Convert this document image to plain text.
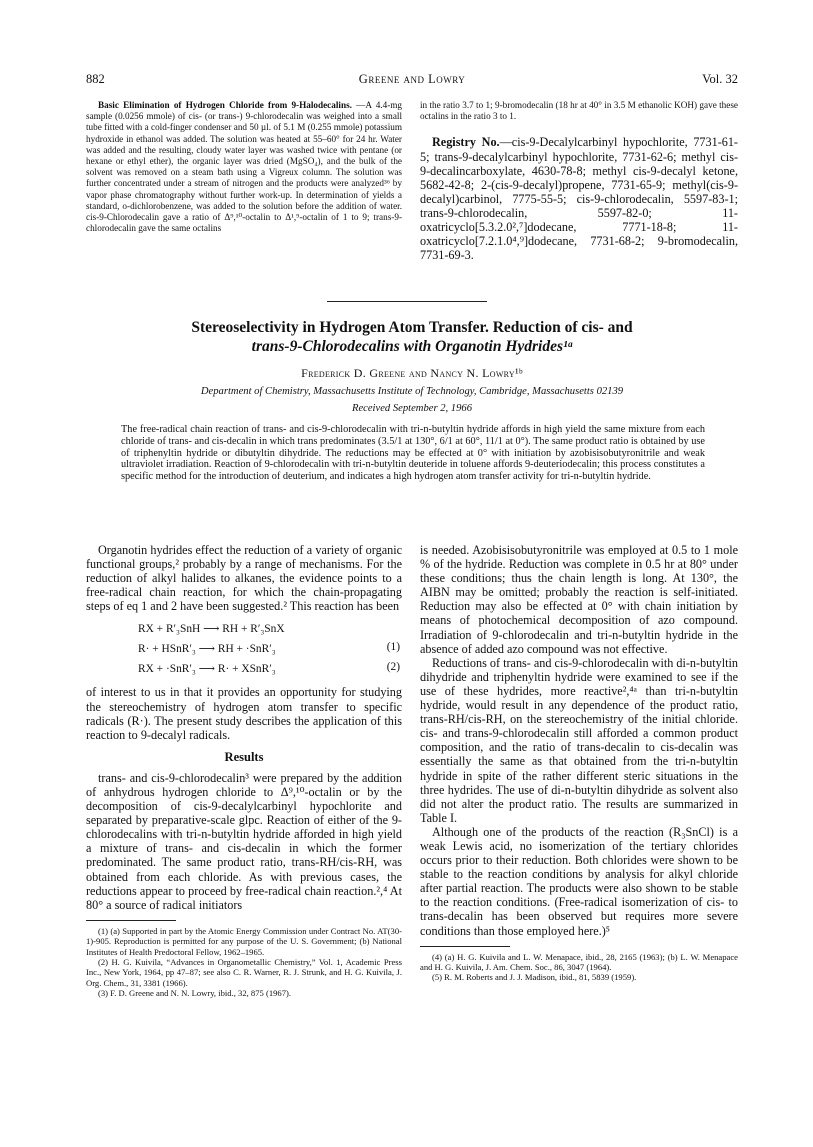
882	Greene and Lowry	Vol. 32

Basic Elimination of Hydrogen Chloride from 9-Halodecalins. —A 4.4-mg sample (0.0256 mmole) of cis- (or trans-) 9-chlorodecalin was weighed into a small tube fitted with a cold-finger condenser and 50 µl. of 5.1 M (0.255 mmole) potassium hydroxide in ethanol was added. The solution was heated at 55–60° for 24 hr. Water was added and the resulting, cloudy water layer was washed twice with pentane (or hexane or ethyl ether), the organic layer was dried (MgSO₄), and the bulk of the solvent was removed on a steam bath using a Vigreux column. The solution was further concentrated under a stream of nitrogen and the products were analyzed³⁶ by vapor phase chromatography without further work-up. In determination of yields a standard, o-dichlorobenzene, was added to the solution before the addition of water. cis-9-Chlorodecalin gave a ratio of Δ⁹,¹⁰-octalin to Δ¹,⁹-octalin of 1 to 9; trans-9-chlorodecalin gave the same octalins

in the ratio 3.7 to 1; 9-bromodecalin (18 hr at 40° in 3.5 M ethanolic KOH) gave these octalins in the ratio 3 to 1.

Registry No.—cis-9-Decalylcarbinyl hypochlorite, 7731-61-5; trans-9-decalylcarbinyl hypochlorite, 7731-62-6; methyl cis-9-decalincarboxylate, 4630-78-8; methyl cis-9-decalyl ketone, 5682-42-8; 2-(cis-9-decalyl)propene, 7731-65-9; methyl(cis-9-decalyl)carbinol, 7775-55-5; cis-9-chlorodecalin, 5597-83-1; trans-9-chlorodecalin, 5597-82-0; 11-oxatricyclo[5.3.2.0²,⁷]dodecane, 7771-18-8; 11-oxatricyclo[7.2.1.0⁴,⁹]dodecane, 7731-68-2; 9-bromodecalin, 7731-69-3.

Stereoselectivity in Hydrogen Atom Transfer. Reduction of cis- and
trans-9-Chlorodecalins with Organotin Hydrides¹ᵃ
Frederick D. Greene and Nancy N. Lowry¹ᵇ
Department of Chemistry, Massachusetts Institute of Technology, Cambridge, Massachusetts 02139
Received September 2, 1966
The free-radical chain reaction of trans- and cis-9-chlorodecalin with tri-n-butyltin hydride affords in high yield the same mixture from each chloride of trans- and cis-decalin in which trans predominates (3.5/1 at 130°, 6/1 at 60°, 11/1 at 0°). The same product ratio is obtained by use of triphenyltin hydride or dibutyltin dihydride. The reductions may be effected at 0° with initiation by azobisisobutyronitrile and weak ultraviolet irradiation. Reaction of 9-chlorodecalin with tri-n-butyltin deuteride in toluene affords 9-deuteriodecalin; this process constitutes a specific method for the introduction of deuterium, and indicates a high hydrogen atom transfer activity for tri-n-butyltin hydride.

Organotin hydrides effect the reduction of a variety of organic functional groups,² probably by a range of mechanisms. For the reduction of alkyl halides to alkanes, the evidence points to a free-radical chain reaction, for which the chain-propagating steps of eq 1 and 2 have been suggested.² This reaction has been

RX + R′₃SnH ⟶ RH + R′₃SnX
R· + HSnR′₃ ⟶ RH + ·SnR′₃	(1)
RX + ·SnR′₃ ⟶ R· + XSnR′₃	(2)

of interest to us in that it provides an opportunity for studying the stereochemistry of hydrogen atom transfer to specific radicals (R·). The present study describes the application of this reaction to 9-decalyl radicals.

Results

trans- and cis-9-chlorodecalin³ were prepared by the addition of anhydrous hydrogen chloride to Δ⁹,¹⁰-octalin or by the decomposition of cis-9-decalylcarbinyl hypochlorite and separated by preparative-scale glpc. Reaction of either of the 9-chlorodecalins with tri-n-butyltin hydride afforded in high yield a mixture of trans- and cis-decalin in which the former predominated. The same product ratio, trans-RH/cis-RH, was obtained from each chloride. As with previous cases, the reductions appear to proceed by free-radical chain reaction.²,⁴ At 80° a source of radical initiators

(1) (a) Supported in part by the Atomic Energy Commission under Contract No. AT(30-1)-905. Reproduction is permitted for any purpose of the U. S. Government; (b) National Institutes of Health Predoctoral Fellow, 1962–1965.

(2) H. G. Kuivila, “Advances in Organometallic Chemistry,” Vol. 1, Academic Press Inc., New York, 1964, pp 47–87; see also C. R. Warner, R. J. Strunk, and H. G. Kuivila, J. Org. Chem., 31, 3381 (1966).

(3) F. D. Greene and N. N. Lowry, ibid., 32, 875 (1967).

is needed. Azobisisobutyronitrile was employed at 0.5 to 1 mole % of the hydride. Reduction was complete in 0.5 hr at 80° under these conditions; thus the chain length is long. At 130°, the AIBN may be omitted; probably the reaction is self-initiated. Reduction may also be effected at 0° with chain initiation by means of photochemical decomposition of azo compound. Irradiation of 9-chlorodecalin and tri-n-butyltin hydride in the absence of added azo compound was not effective.

Reductions of trans- and cis-9-chlorodecalin with di-n-butyltin dihydride and triphenyltin hydride were examined to see if the use of these hydrides, more reactive²,⁴ᵃ than tri-n-butyltin hydride, would result in any dependence of the product ratio, trans-RH/cis-RH, on the stereochemistry of the initial chloride. cis- and trans-9-chlorodecalin still afforded a common product composition, and the ratio of trans-decalin to cis-decalin was essentially the same as that obtained from the tri-n-butyltin hydride in spite of the rather different steric situations in the three hydrides. The use of di-n-butyltin dihydride as solvent also did not alter the product ratio. The results are summarized in Table I.

Although one of the products of the reaction (R₃SnCl) is a weak Lewis acid, no isomerization of the tertiary chlorides occurs prior to their reduction. Both chlorides were shown to be stable to the reaction conditions by analysis for alkyl chloride after partial reaction. The products were also shown to be stable to the reaction conditions. (Free-radical isomerization of cis- to trans-decalin has been observed but requires more severe conditions than those employed here.)⁵

(4) (a) H. G. Kuivila and L. W. Menapace, ibid., 28, 2165 (1963); (b) L. W. Menapace and H. G. Kuivila, J. Am. Chem. Soc., 86, 3047 (1964).

(5) R. M. Roberts and J. J. Madison, ibid., 81, 5839 (1959).
